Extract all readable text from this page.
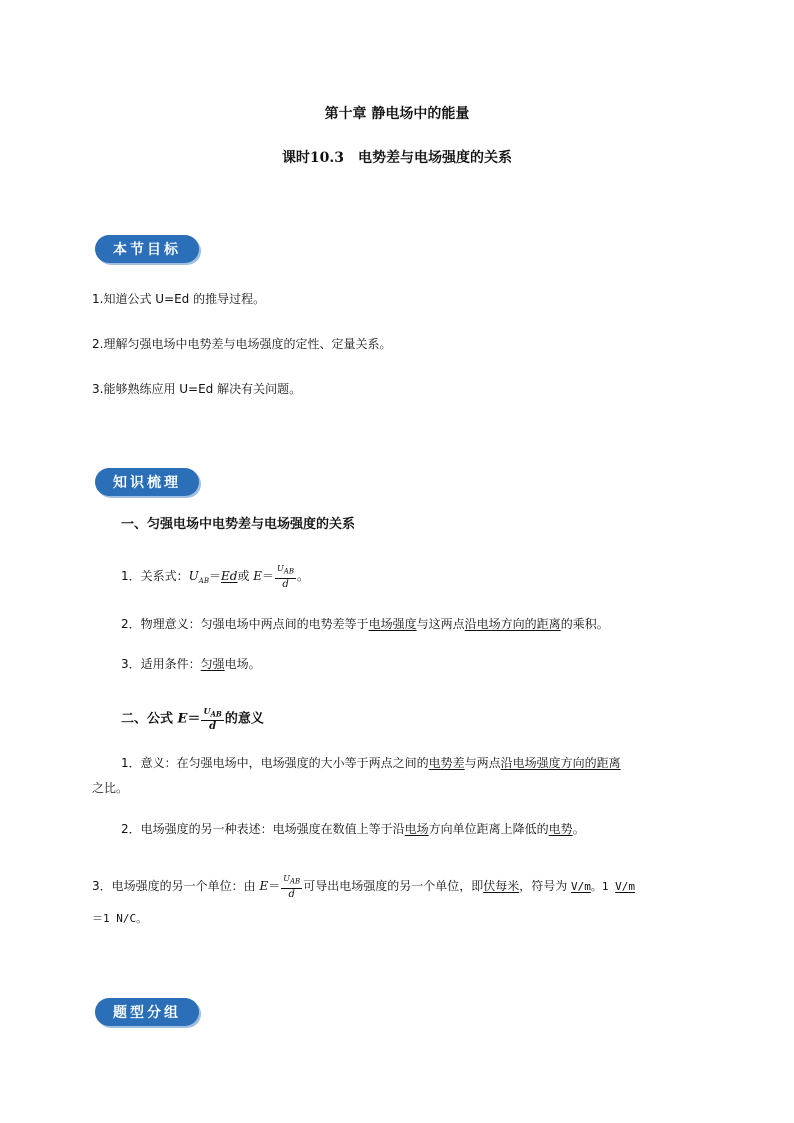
第十章 静电场中的能量
课时10.3　电势差与电场强度的关系
本节目标
1.知道公式 U=Ed 的推导过程。
2.理解匀强电场中电势差与电场强度的定性、定量关系。
3.能够熟练应用 U=Ed 解决有关问题。
知识梳理
一、匀强电场中电势差与电场强度的关系
1．关系式：$U_{AB}=Ed$或 $E= \frac{U_{AB}}{d}$ 。
2．物理意义：匀强电场中两点间的电势差等于电场强度与这两点沿电场方向的距离的乘积。
3．适用条件：匀强电场。
二、公式 $E= \frac{U_{AB}}{d}$ 的意义
1．意义：在匀强电场中，电场强度的大小等于两点之间的电势差与两点沿电场强度方向的距离
之比。
2．电场强度的另一种表述：电场强度在数值上等于沿电场方向单位距离上降低的电势。
3．电场强度的另一个单位：由 $E= \frac{U_{AB}}{d}$ 可导出电场强度的另一个单位，即伏每米，符号为 V/m。1 V/m
＝1 N/C。
题型分组
